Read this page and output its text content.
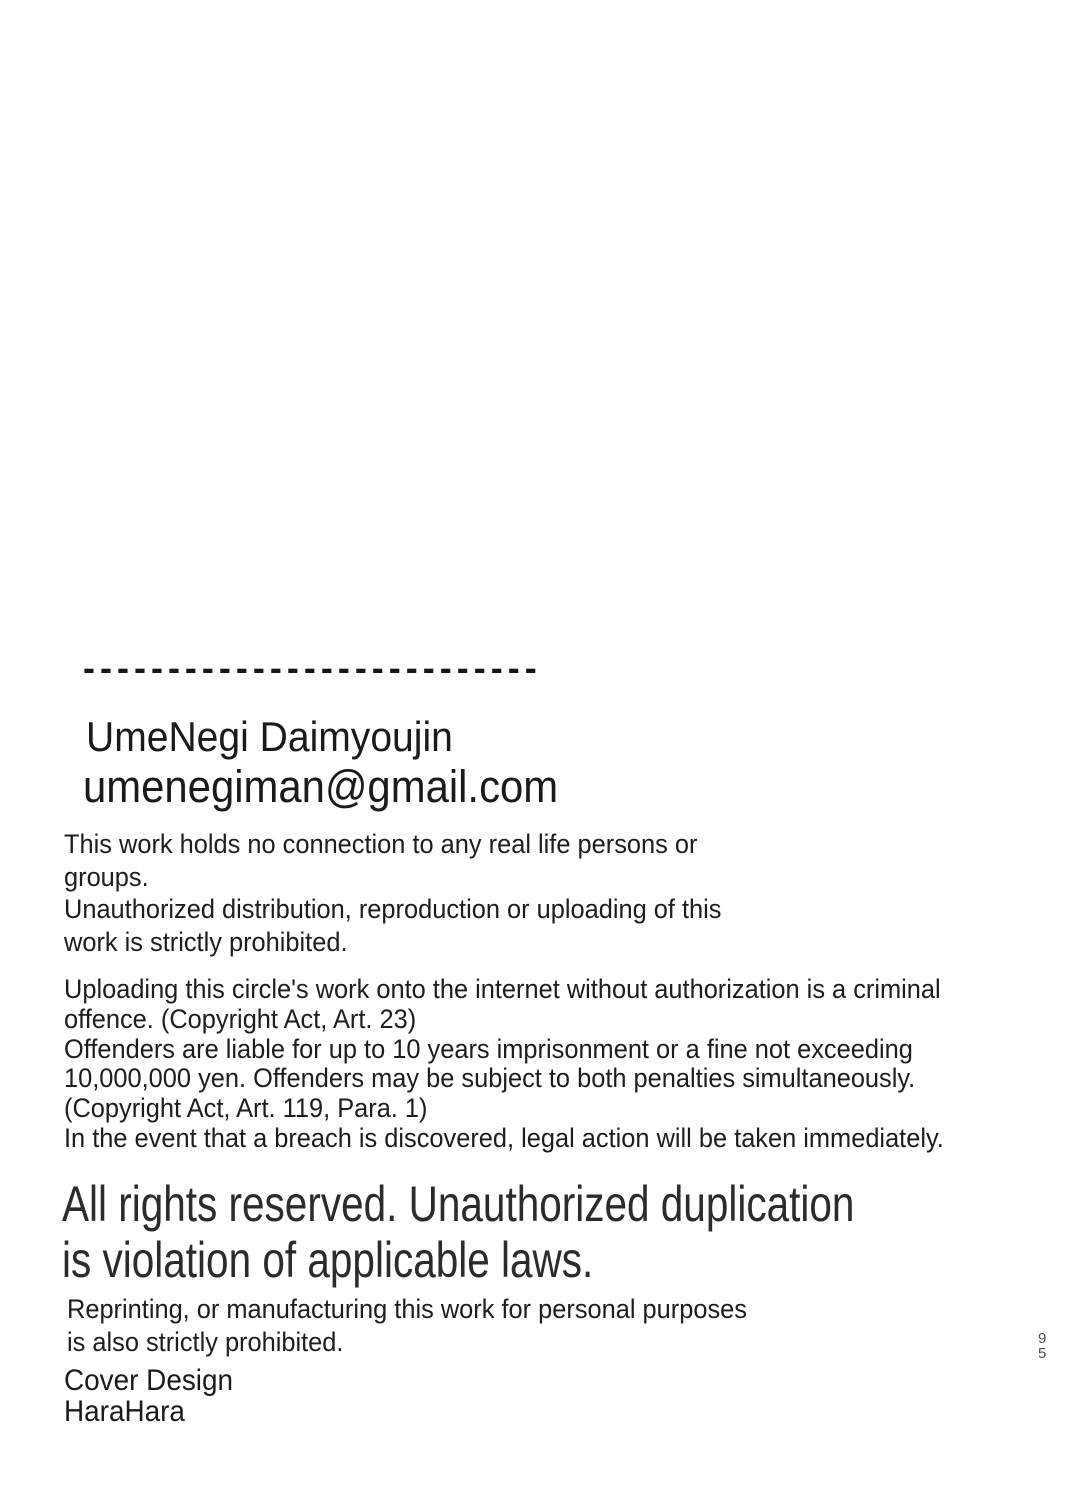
---------------------------
UmeNegi Daimyoujin
umenegiman@gmail.com
This work holds no connection to any real life persons or
groups.
Unauthorized distribution, reproduction or uploading of this
work is strictly prohibited.
Uploading this circle's work onto the internet without authorization is a criminal
offence. (Copyright Act, Art. 23)
Offenders are liable for up to 10 years imprisonment or a fine not exceeding
10,000,000 yen. Offenders may be subject to both penalties simultaneously.
(Copyright Act, Art. 119, Para. 1)
In the event that a breach is discovered, legal action will be taken immediately.
All rights reserved. Unauthorized duplication
is violation of applicable laws.
Reprinting, or manufacturing this work for personal purposes
is also strictly prohibited.
Cover Design
HaraHara
9
5
